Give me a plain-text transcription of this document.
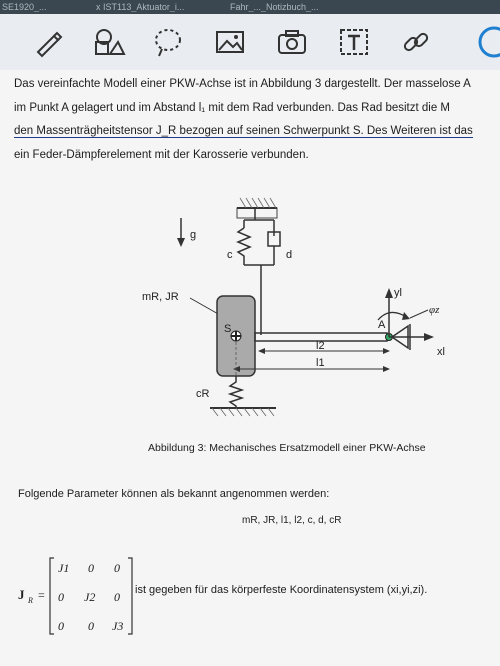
SE1920_...	x IST113_Aktuator_i...	Fahr_..._Notizbuch_...
Das vereinfachte Modell einer PKW-Achse ist in Abbildung 3 dargestellt. Der masselose A
im Punkt A gelagert und im Abstand l₁ mit dem Rad verbunden. Das Rad besitzt die M
den Massenträgheitstensor J_R bezogen auf seinen Schwerpunkt S. Des Weiteren ist das
ein Feder-Dämpferelement mit der Karosserie verbunden.
g
c	d
mR, JR
S	A
yl
xl
φz
l2
l1
cR
Abbildung 3: Mechanisches Ersatzmodell einer PKW-Achse
Folgende Parameter können als bekannt angenommen werden:
mR, JR, l1, l2, c, d, cR
J R =
J1 0 0
0 J2 0
0 0 J3
ist gegeben für das körperfeste Koordinatensystem (xi,yi,zi).
